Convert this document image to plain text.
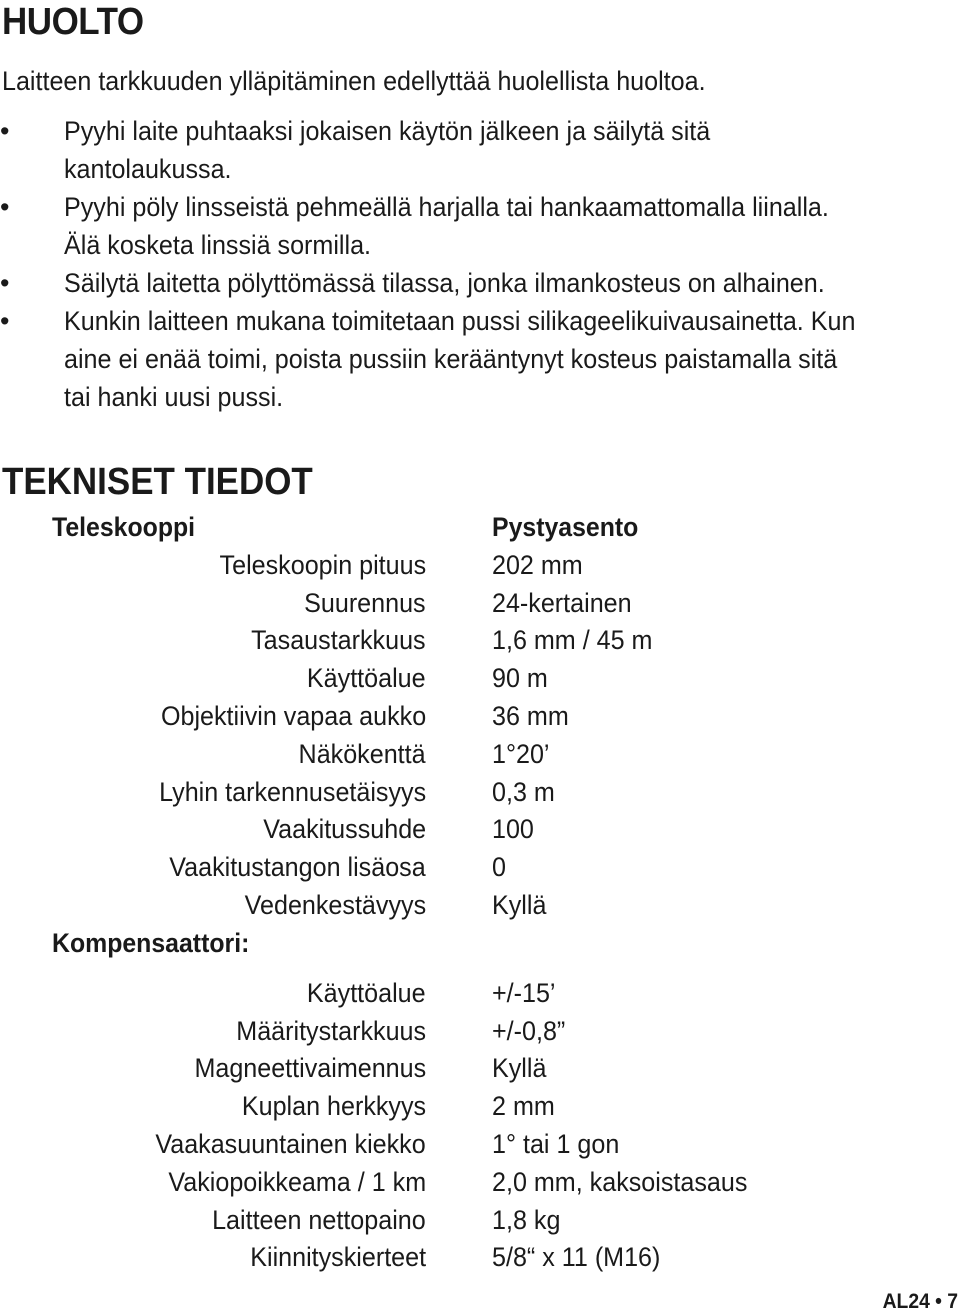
HUOLTO

Laitteen tarkkuuden ylläpitäminen edellyttää huolellista huoltoa.

• Pyyhi laite puhtaaksi jokaisen käytön jälkeen ja säilytä sitä
kantolaukussa.
• Pyyhi pöly linsseistä pehmeällä harjalla tai hankaamattomalla liinalla.
Älä kosketa linssiä sormilla.
• Säilytä laitetta pölyttömässä tilassa, jonka ilmankosteus on alhainen.
• Kunkin laitteen mukana toimitetaan pussi silikageelikuivausainetta. Kun
aine ei enää toimi, poista pussiin kerääntynyt kosteus paistamalla sitä
tai hanki uusi pussi.
TEKNISET TIEDOT
Teleskooppi	Pystyasento
Teleskoopin pituus 202 mm
Suurennus 24-kertainen
Tasaustarkkuus 1,6 mm / 45 m
Käyttöalue 90 m
Objektiivin vapaa aukko 36 mm
Näkökenttä 1°20’
Lyhin tarkennusetäisyys 0,3 m
Vaakitussuhde 100
Vaakitustangon lisäosa 0
Vedenkestävyys Kyllä
Kompensaattori:
Käyttöalue +/-15’
Määritystarkkuus +/-0,8”
Magneettivaimennus Kyllä
Kuplan herkkyys 2 mm
Vaakasuuntainen kiekko 1° tai 1 gon
Vakiopoikkeama / 1 km 2,0 mm, kaksoistasaus
Laitteen nettopaino 1,8 kg
Kiinnityskierteet 5/8“ x 11 (M16)
AL24 • 7
